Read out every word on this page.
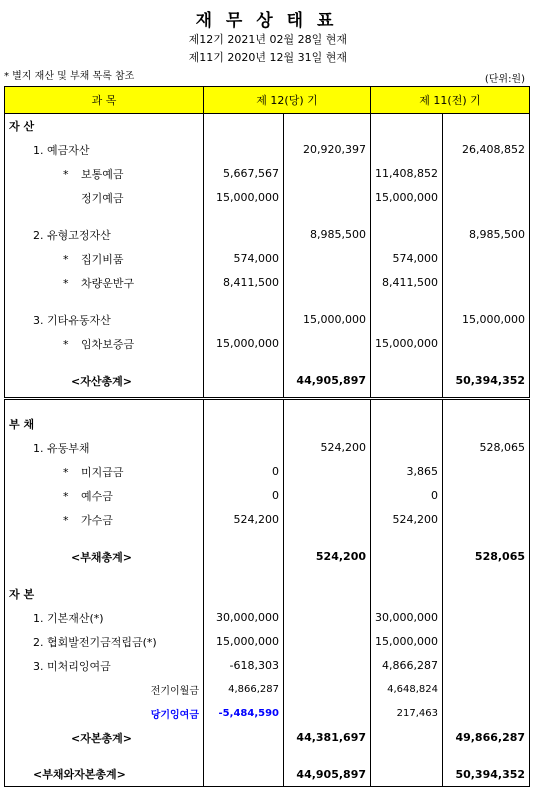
재 무 상 태 표
제12기 2021년 02월 28일 현재
제11기 2020년 12월 31일 현재
* 별지 재산 및 부채 목록 참조	(단위:원)
과 목	제 12(당) 기		제 11(전) 기	
자 산				
1. 예금자산		20,920,397		26,408,852
* 보통예금	5,667,567		11,408,852	
정기예금	15,000,000		15,000,000	

2. 유형고정자산		8,985,500		8,985,500
* 집기비품	574,000		574,000	
* 차량운반구	8,411,500		8,411,500	

3. 기타유동자산		15,000,000		15,000,000
* 임차보증금	15,000,000		15,000,000	

<자산총계>		44,905,897		50,394,352

부 채				
1. 유동부채		524,200		528,065
* 미지급금	0		3,865	
* 예수금	0		0	
* 가수금	524,200		524,200	

<부채총계>		524,200		528,065

자 본				
1. 기본재산(*)	30,000,000		30,000,000	
2. 협회발전기금적립금(*)	15,000,000		15,000,000	
3. 미처리잉여금	-618,303		4,866,287	
전기이월금	4,866,287		4,648,824	
당기잉여금	-5,484,590		217,463	
<자본총계>		44,381,697		49,866,287

<부채와자본총계>		44,905,897		50,394,352
